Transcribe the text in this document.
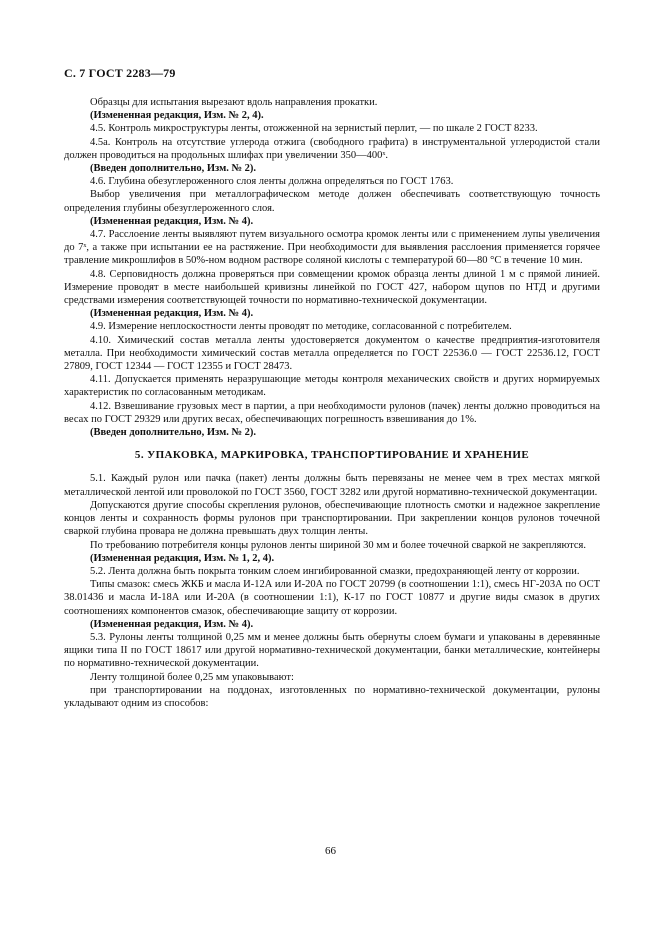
С. 7 ГОСТ 2283—79

Образцы для испытания вырезают вдоль направления прокатки.

(Измененная редакция, Изм. № 2, 4).

4.5. Контроль микроструктуры ленты, отожженной на зернистый перлит, — по шкале 2 ГОСТ 8233.

4.5а. Контроль на отсутствие углерода отжига (свободного графита) в инструментальной углеродистой стали должен проводиться на продольных шлифах при увеличении 350—400ˣ.

(Введен дополнительно, Изм. № 2).

4.6. Глубина обезуглероженного слоя ленты должна определяться по ГОСТ 1763.

Выбор увеличения при металлографическом методе должен обеспечивать соответствующую точность определения глубины обезуглероженного слоя.

(Измененная редакция, Изм. № 4).

4.7. Расслоение ленты выявляют путем визуального осмотра кромок ленты или с применением лупы увеличения до 7ˣ, а также при испытании ее на растяжение. При необходимости для выявления расслоения применяется горячее травление микрошлифов в 50%-ном водном растворе соляной кислоты с температурой 60—80 °С в течение 10 мин.

4.8. Серповидность должна проверяться при совмещении кромок образца ленты длиной 1 м с прямой линией. Измерение проводят в месте наибольшей кривизны линейкой по ГОСТ 427, набором щупов по НТД и другими средствами измерения соответствующей точности по нормативно-технической документации.

(Измененная редакция, Изм. № 4).

4.9. Измерение неплоскостности ленты проводят по методике, согласованной с потребителем.

4.10. Химический состав металла ленты удостоверяется документом о качестве предприятия-изготовителя металла. При необходимости химический состав металла определяется по ГОСТ 22536.0 — ГОСТ 22536.12, ГОСТ 27809, ГОСТ 12344 — ГОСТ 12355 и ГОСТ 28473.

4.11. Допускается применять неразрушающие методы контроля механических свойств и других нормируемых характеристик по согласованным методикам.

4.12. Взвешивание грузовых мест в партии, а при необходимости рулонов (пачек) ленты должно проводиться на весах по ГОСТ 29329 или других весах, обеспечивающих погрешность взвешивания до 1%.

(Введен дополнительно, Изм. № 2).

5. УПАКОВКА, МАРКИРОВКА, ТРАНСПОРТИРОВАНИЕ И ХРАНЕНИЕ

5.1. Каждый рулон или пачка (пакет) ленты должны быть перевязаны не менее чем в трех местах мягкой металлической лентой или проволокой по ГОСТ 3560, ГОСТ 3282 или другой нормативно-технической документации.

Допускаются другие способы скрепления рулонов, обеспечивающие плотность смотки и надежное закрепление концов ленты и сохранность формы рулонов при транспортировании. При закреплении концов рулонов точечной сваркой глубина провара не должна превышать двух толщин ленты.

По требованию потребителя концы рулонов ленты шириной 30 мм и более точечной сваркой не закрепляются.

(Измененная редакция, Изм. № 1, 2, 4).

5.2. Лента должна быть покрыта тонким слоем ингибированной смазки, предохраняющей ленту от коррозии.

Типы смазок: смесь ЖКБ и масла И-12А или И-20А по ГОСТ 20799 (в соотношении 1:1), смесь НГ-203А по ОСТ 38.01436 и масла И-18А или И-20А (в соотношении 1:1), К-17 по ГОСТ 10877 и другие виды смазок в других соотношениях компонентов смазок, обеспечивающие защиту от коррозии.

(Измененная редакция, Изм. № 4).

5.3. Рулоны ленты толщиной 0,25 мм и менее должны быть обернуты слоем бумаги и упакованы в деревянные ящики типа II по ГОСТ 18617 или другой нормативно-технической документации, банки металлические, контейнеры по нормативно-технической документации.

Ленту толщиной более 0,25 мм упаковывают:

при транспортировании на поддонах, изготовленных по нормативно-технической документации, рулоны укладывают одним из способов:

66
